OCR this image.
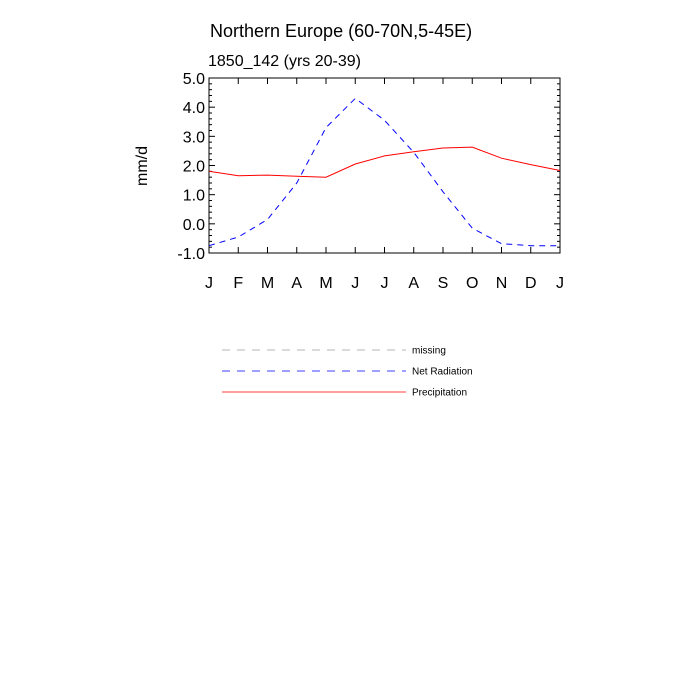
Northern Europe (60-70N,5-45E)
1850_142 (yrs 20-39)
mm/d
-1.0
0.0
1.0
2.0
3.0
4.0
5.0
J F M A M J J A S O N D J
missing
Net Radiation
Precipitation
